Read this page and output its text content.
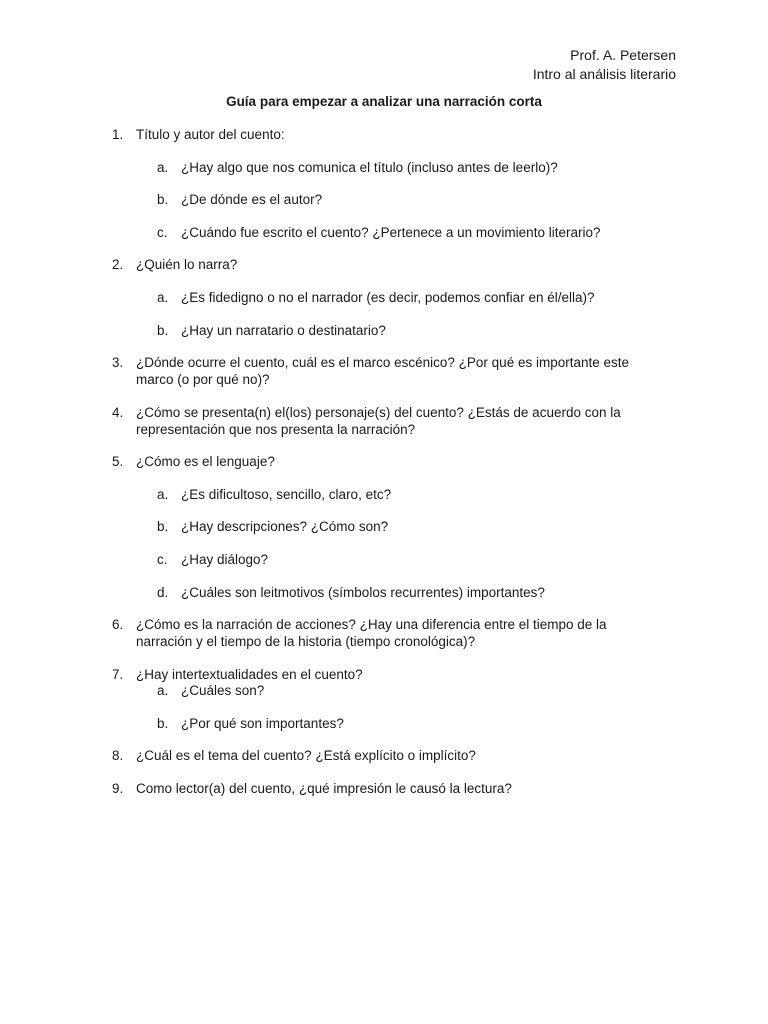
Prof. A. Petersen
Intro al análisis literario
Guía para empezar a analizar una narración corta
1. Título y autor del cuento:
a. ¿Hay algo que nos comunica el título (incluso antes de leerlo)?
b. ¿De dónde es el autor?
c. ¿Cuándo fue escrito el cuento? ¿Pertenece a un movimiento literario?
2. ¿Quién lo narra?
a. ¿Es fidedigno o no el narrador (es decir, podemos confiar en él/ella)?
b. ¿Hay un narratario o destinatario?
3. ¿Dónde ocurre el cuento, cuál es el marco escénico? ¿Por qué es importante este marco (o por qué no)?
4. ¿Cómo se presenta(n) el(los) personaje(s) del cuento? ¿Estás de acuerdo con la representación que nos presenta la narración?
5. ¿Cómo es el lenguaje?
a. ¿Es dificultoso, sencillo, claro, etc?
b. ¿Hay descripciones? ¿Cómo son?
c. ¿Hay diálogo?
d. ¿Cuáles son leitmotivos (símbolos recurrentes) importantes?
6. ¿Cómo es la narración de acciones? ¿Hay una diferencia entre el tiempo de la narración y el tiempo de la historia (tiempo cronológica)?
7. ¿Hay intertextualidades en el cuento?
a. ¿Cuáles son?
b. ¿Por qué son importantes?
8. ¿Cuál es el tema del cuento? ¿Está explícito o implícito?
9. Como lector(a) del cuento, ¿qué impresión le causó la lectura?
